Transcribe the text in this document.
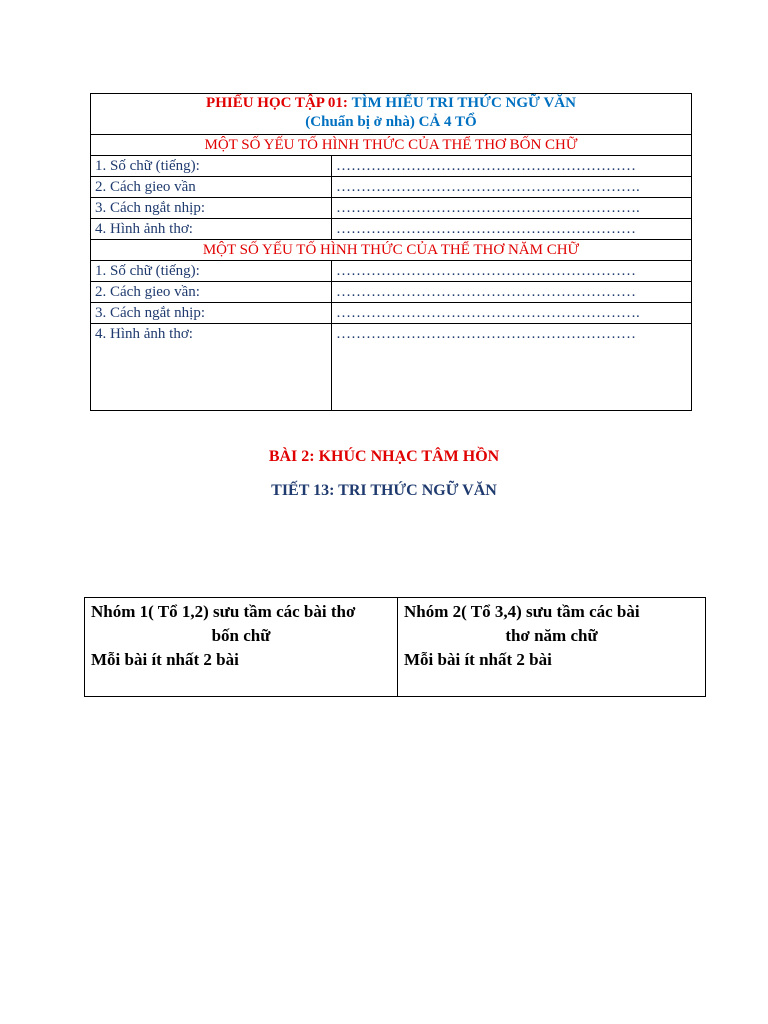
PHIẾU HỌC TẬP 01: TÌM HIỂU TRI THỨC NGỮ VĂN
(Chuẩn bị ở nhà) CẢ 4 TỔ	
MỘT SỐ YẾU TỐ HÌNH THỨC CỦA THỂ THƠ BỐN CHỮ	
1. Số chữ (tiếng):	……………………………………………………
2. Cách gieo vần	…………………………………………………….
3. Cách ngắt nhịp:	…………………………………………………….
4. Hình ảnh thơ:	……………………………………………………
MỘT SỐ YẾU TỐ HÌNH THỨC CỦA THỂ THƠ NĂM CHỮ	
1. Số chữ (tiếng):	……………………………………………………
2. Cách gieo vần:	……………………………………………………
3. Cách ngắt nhịp:	…………………………………………………….
4. Hình ảnh thơ:	……………………………………………………
BÀI 2: KHÚC NHẠC TÂM HỒN
TIẾT 13: TRI THỨC NGỮ VĂN
Nhóm 1( Tổ 1,2) sưu tầm các bài thơ
bốn chữ
Mỗi bài ít nhất 2 bài

Nhóm 2( Tổ 3,4) sưu tầm các bài
thơ năm chữ
Mỗi bài ít nhất 2 bài
